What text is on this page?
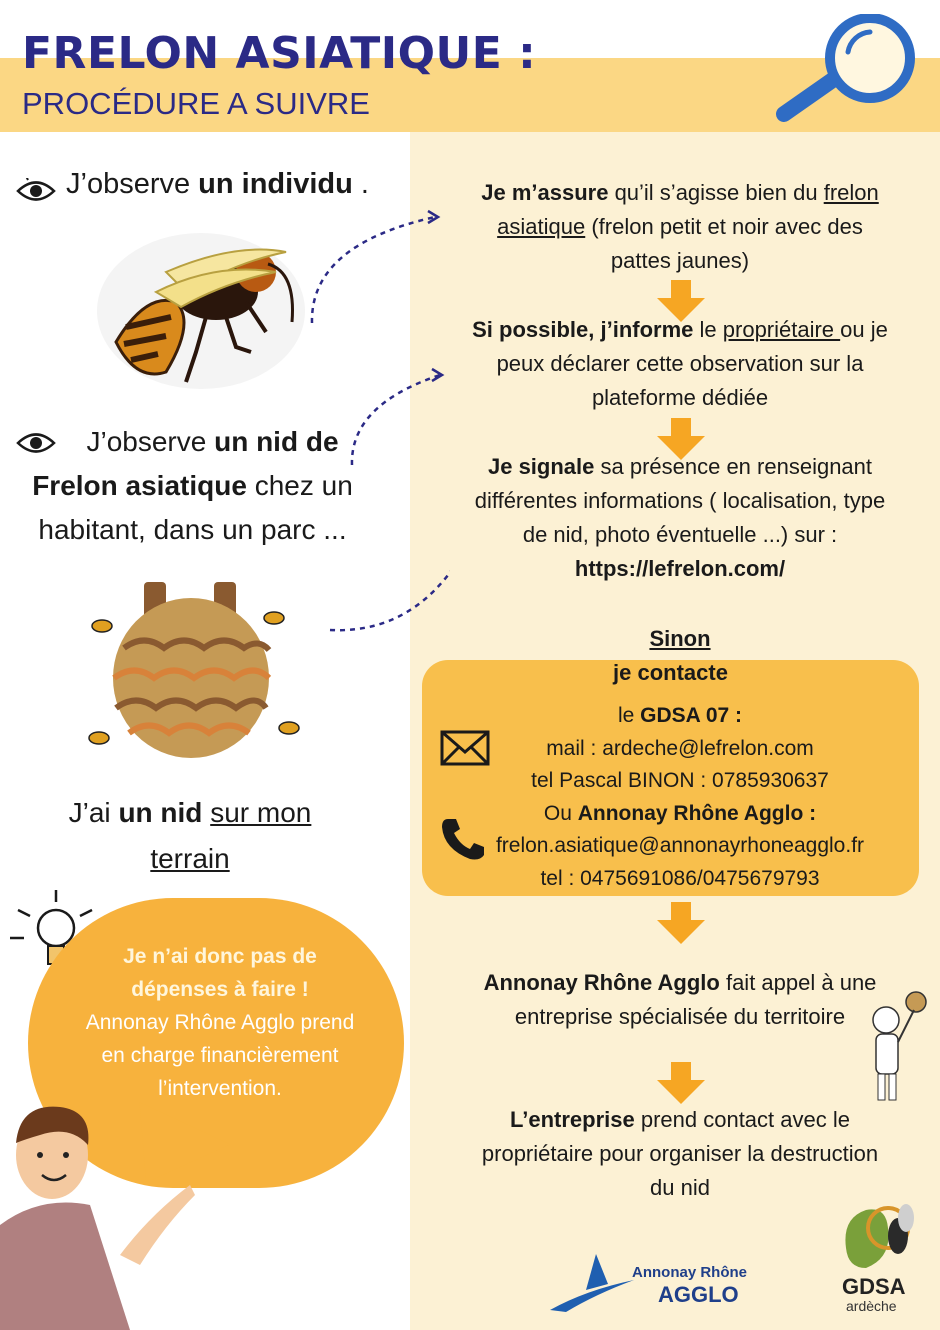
FRELON ASIATIQUE :
PROCÉDURE A SUIVRE
J’observe un individu .
J’observe un nid de
Frelon asiatique chez un
habitant, dans un parc ...
J’ai un nid sur mon
terrain
Je n’ai donc pas de
dépenses à faire !
Annonay Rhône Agglo prend
en charge financièrement
l’intervention.
Je m’assure qu’il s’agisse bien du frelon
asiatique (frelon petit et noir avec des
pattes jaunes)
Si possible, j’informe le propriétaire ou je
peux déclarer cette observation sur la
plateforme dédiée
Je signale sa présence en renseignant
différentes informations ( localisation, type
de nid, photo éventuelle ...) sur :
https://lefrelon.com/
Sinon
je contacte
le GDSA 07 :
mail : ardeche@lefrelon.com
tel Pascal BINON : 0785930637
Ou Annonay Rhône Agglo :
frelon.asiatique@annonayrhoneagglo.fr
tel : 0475691086/0475679793
Annonay Rhône Agglo fait appel à une
entreprise spécialisée du territoire
L’entreprise prend contact avec le
propriétaire pour organiser la destruction
du nid
Annonay Rhône
AGGLO	GDSA
ardèche
